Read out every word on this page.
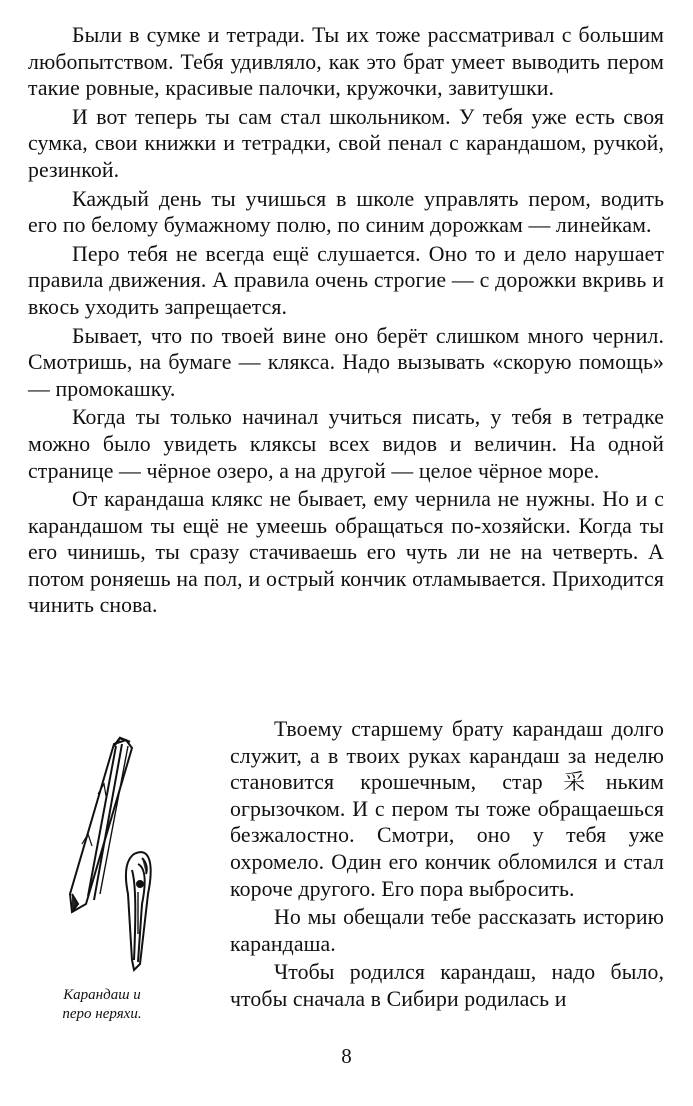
Были в сумке и тетради. Ты их тоже рассматривал с большим любопытством. Тебя удивляло, как это брат умеет выводить пером такие ровные, красивые палочки, кружочки, завитушки.

И вот теперь ты сам стал школьником. У тебя уже есть своя сумка, свои книжки и тетрадки, свой пенал с карандашом, ручкой, резинкой.

Каждый день ты учишься в школе управлять пером, водить его по белому бумажному полю, по синим дорожкам — линейкам.

Перо тебя не всегда ещё слушается. Оно то и дело нарушает правила движения. А правила очень строгие — с дорожки вкривь и вкось уходить запрещается.

Бывает, что по твоей вине оно берёт слишком много чернил. Смотришь, на бумаге — клякса. Надо вызывать «скорую помощь» — промокашку.

Когда ты только начинал учиться писать, у тебя в тетрадке можно было увидеть кляксы всех видов и величин. На одной странице — чёрное озеро, а на другой — целое чёрное море.

От карандаша клякс не бывает, ему чернила не нужны. Но и с карандашом ты ещё не умеешь обращаться по-хозяйски. Когда ты его чинишь, ты сразу стачиваешь его чуть ли не на четверть. А потом роняешь на пол, и острый кончик отламывается. Приходится чинить снова.

Карандаш и
перо неряхи.

Твоему старшему брату карандаш долго служит, а в твоих руках карандаш за неделю становится крошечным, стар采ньким огрызочком. И с пером ты тоже обращаешься безжалостно. Смотри, оно у тебя уже охромело. Один его кончик обломился и стал короче другого. Его пора выбросить.

Но мы обещали тебе рассказать историю карандаша.

Чтобы родился карандаш, надо было, чтобы сначала в Сибири родилась и

8
